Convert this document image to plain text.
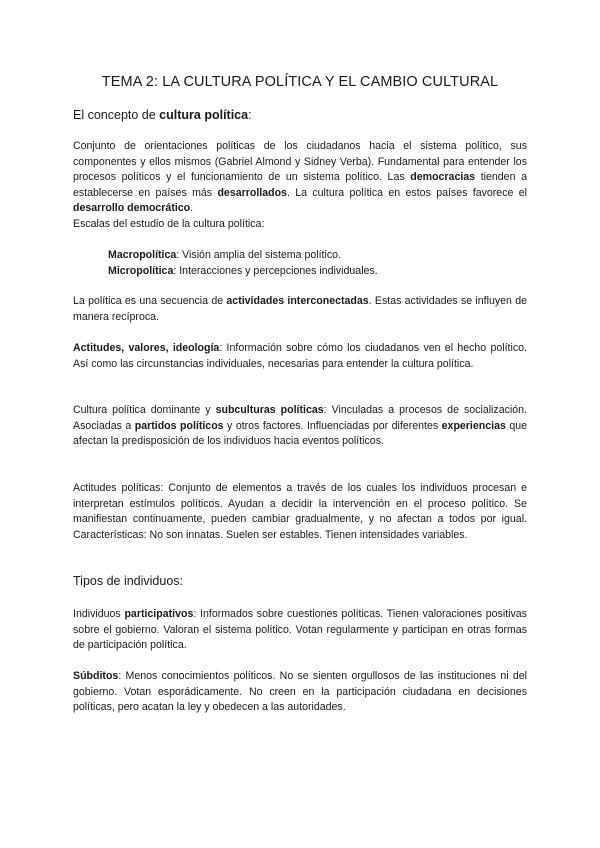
TEMA 2: LA CULTURA POLÍTICA Y EL CAMBIO CULTURAL
El concepto de cultura política:
Conjunto de orientaciones políticas de los ciudadanos hacia el sistema político, sus componentes y ellos mismos (Gabriel Almond y Sidney Verba). Fundamental para entender los procesos políticos y el funcionamiento de un sistema político. Las democracias tienden a establecerse en países más desarrollados. La cultura política en estos países favorece el desarrollo democrático.
Escalas del estudio de la cultura política:
Macropolítica: Visión amplia del sistema político.
Micropolítica: Interacciones y percepciones individuales.
La política es una secuencia de actividades interconectadas. Estas actividades se influyen de manera recíproca.
Actitudes, valores, ideología: Información sobre cómo los ciudadanos ven el hecho político. Así como las circunstancias individuales, necesarias para entender la cultura política.
Cultura política dominante y subculturas políticas: Vinculadas a procesos de socialización. Asociadas a partidos políticos y otros factores. Influenciadas por diferentes experiencias que afectan la predisposición de los individuos hacia eventos políticos.
Actitudes políticas: Conjunto de elementos a través de los cuales los individuos procesan e interpretan estímulos políticos. Ayudan a decidir la intervención en el proceso político. Se manifiestan continuamente, pueden cambiar gradualmente, y no afectan a todos por igual. Características: No son innatas. Suelen ser estables. Tienen intensidades variables.
Tipos de individuos:
Individuos participativos: Informados sobre cuestiones políticas. Tienen valoraciones positivas sobre el gobierno. Valoran el sistema político. Votan regularmente y participan en otras formas de participación política.
Súbditos: Menos conocimientos políticos. No se sienten orgullosos de las instituciones ni del gobierno. Votan esporádicamente. No creen en la participación ciudadana en decisiones políticas, pero acatan la ley y obedecen a las autoridades.
